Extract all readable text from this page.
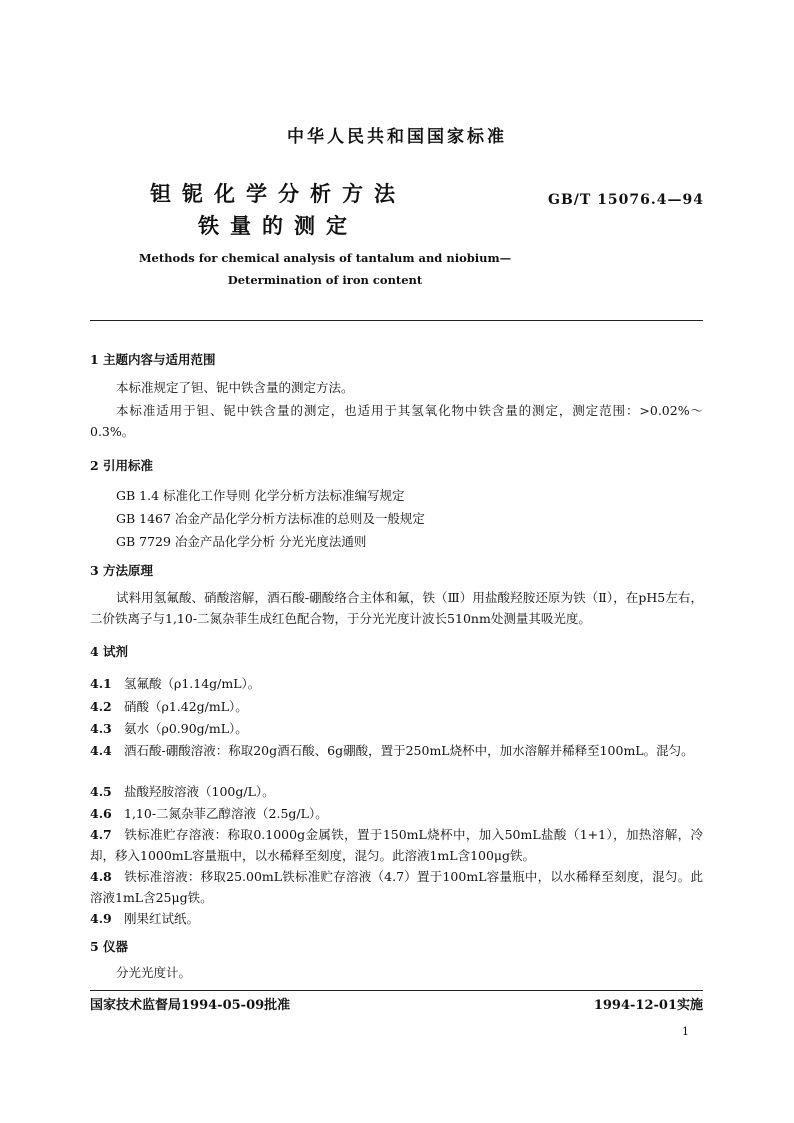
中华人民共和国国家标准
钽铌化学分析方法
铁量的测定
GB/T 15076.4—94
Methods for chemical analysis of tantalum and niobium—
Determination of iron content
1 主题内容与适用范围
本标准规定了钽、铌中铁含量的测定方法。
本标准适用于钽、铌中铁含量的测定，也适用于其氢氧化物中铁含量的测定，测定范围：>0.02%～0.3%。
2 引用标准
GB 1.4 标准化工作导则 化学分析方法标准编写规定
GB 1467 冶金产品化学分析方法标准的总则及一般规定
GB 7729 冶金产品化学分析 分光光度法通则
3 方法原理
试料用氢氟酸、硝酸溶解，酒石酸-硼酸络合主体和氟，铁（Ⅲ）用盐酸羟胺还原为铁（Ⅱ），在pH5左右，二价铁离子与1,10-二氮杂菲生成红色配合物，于分光光度计波长510nm处测量其吸光度。
4 试剂
4.1 氢氟酸（ρ1.14g/mL）。
4.2 硝酸（ρ1.42g/mL）。
4.3 氨水（ρ0.90g/mL）。
4.4 酒石酸-硼酸溶液：称取20g酒石酸、6g硼酸，置于250mL烧杯中，加水溶解并稀释至100mL。混匀。
4.5 盐酸羟胺溶液（100g/L）。
4.6 1,10-二氮杂菲乙醇溶液（2.5g/L）。
4.7 铁标准贮存溶液：称取0.1000g金属铁，置于150mL烧杯中，加入50mL盐酸（1+1），加热溶解，冷却，移入1000mL容量瓶中，以水稀释至刻度，混匀。此溶液1mL含100μg铁。
4.8 铁标准溶液：移取25.00mL铁标准贮存溶液（4.7）置于100mL容量瓶中，以水稀释至刻度，混匀。此溶液1mL含25μg铁。
4.9 刚果红试纸。
5 仪器
分光光度计。
国家技术监督局1994-05-09批准	1994-12-01实施
1
